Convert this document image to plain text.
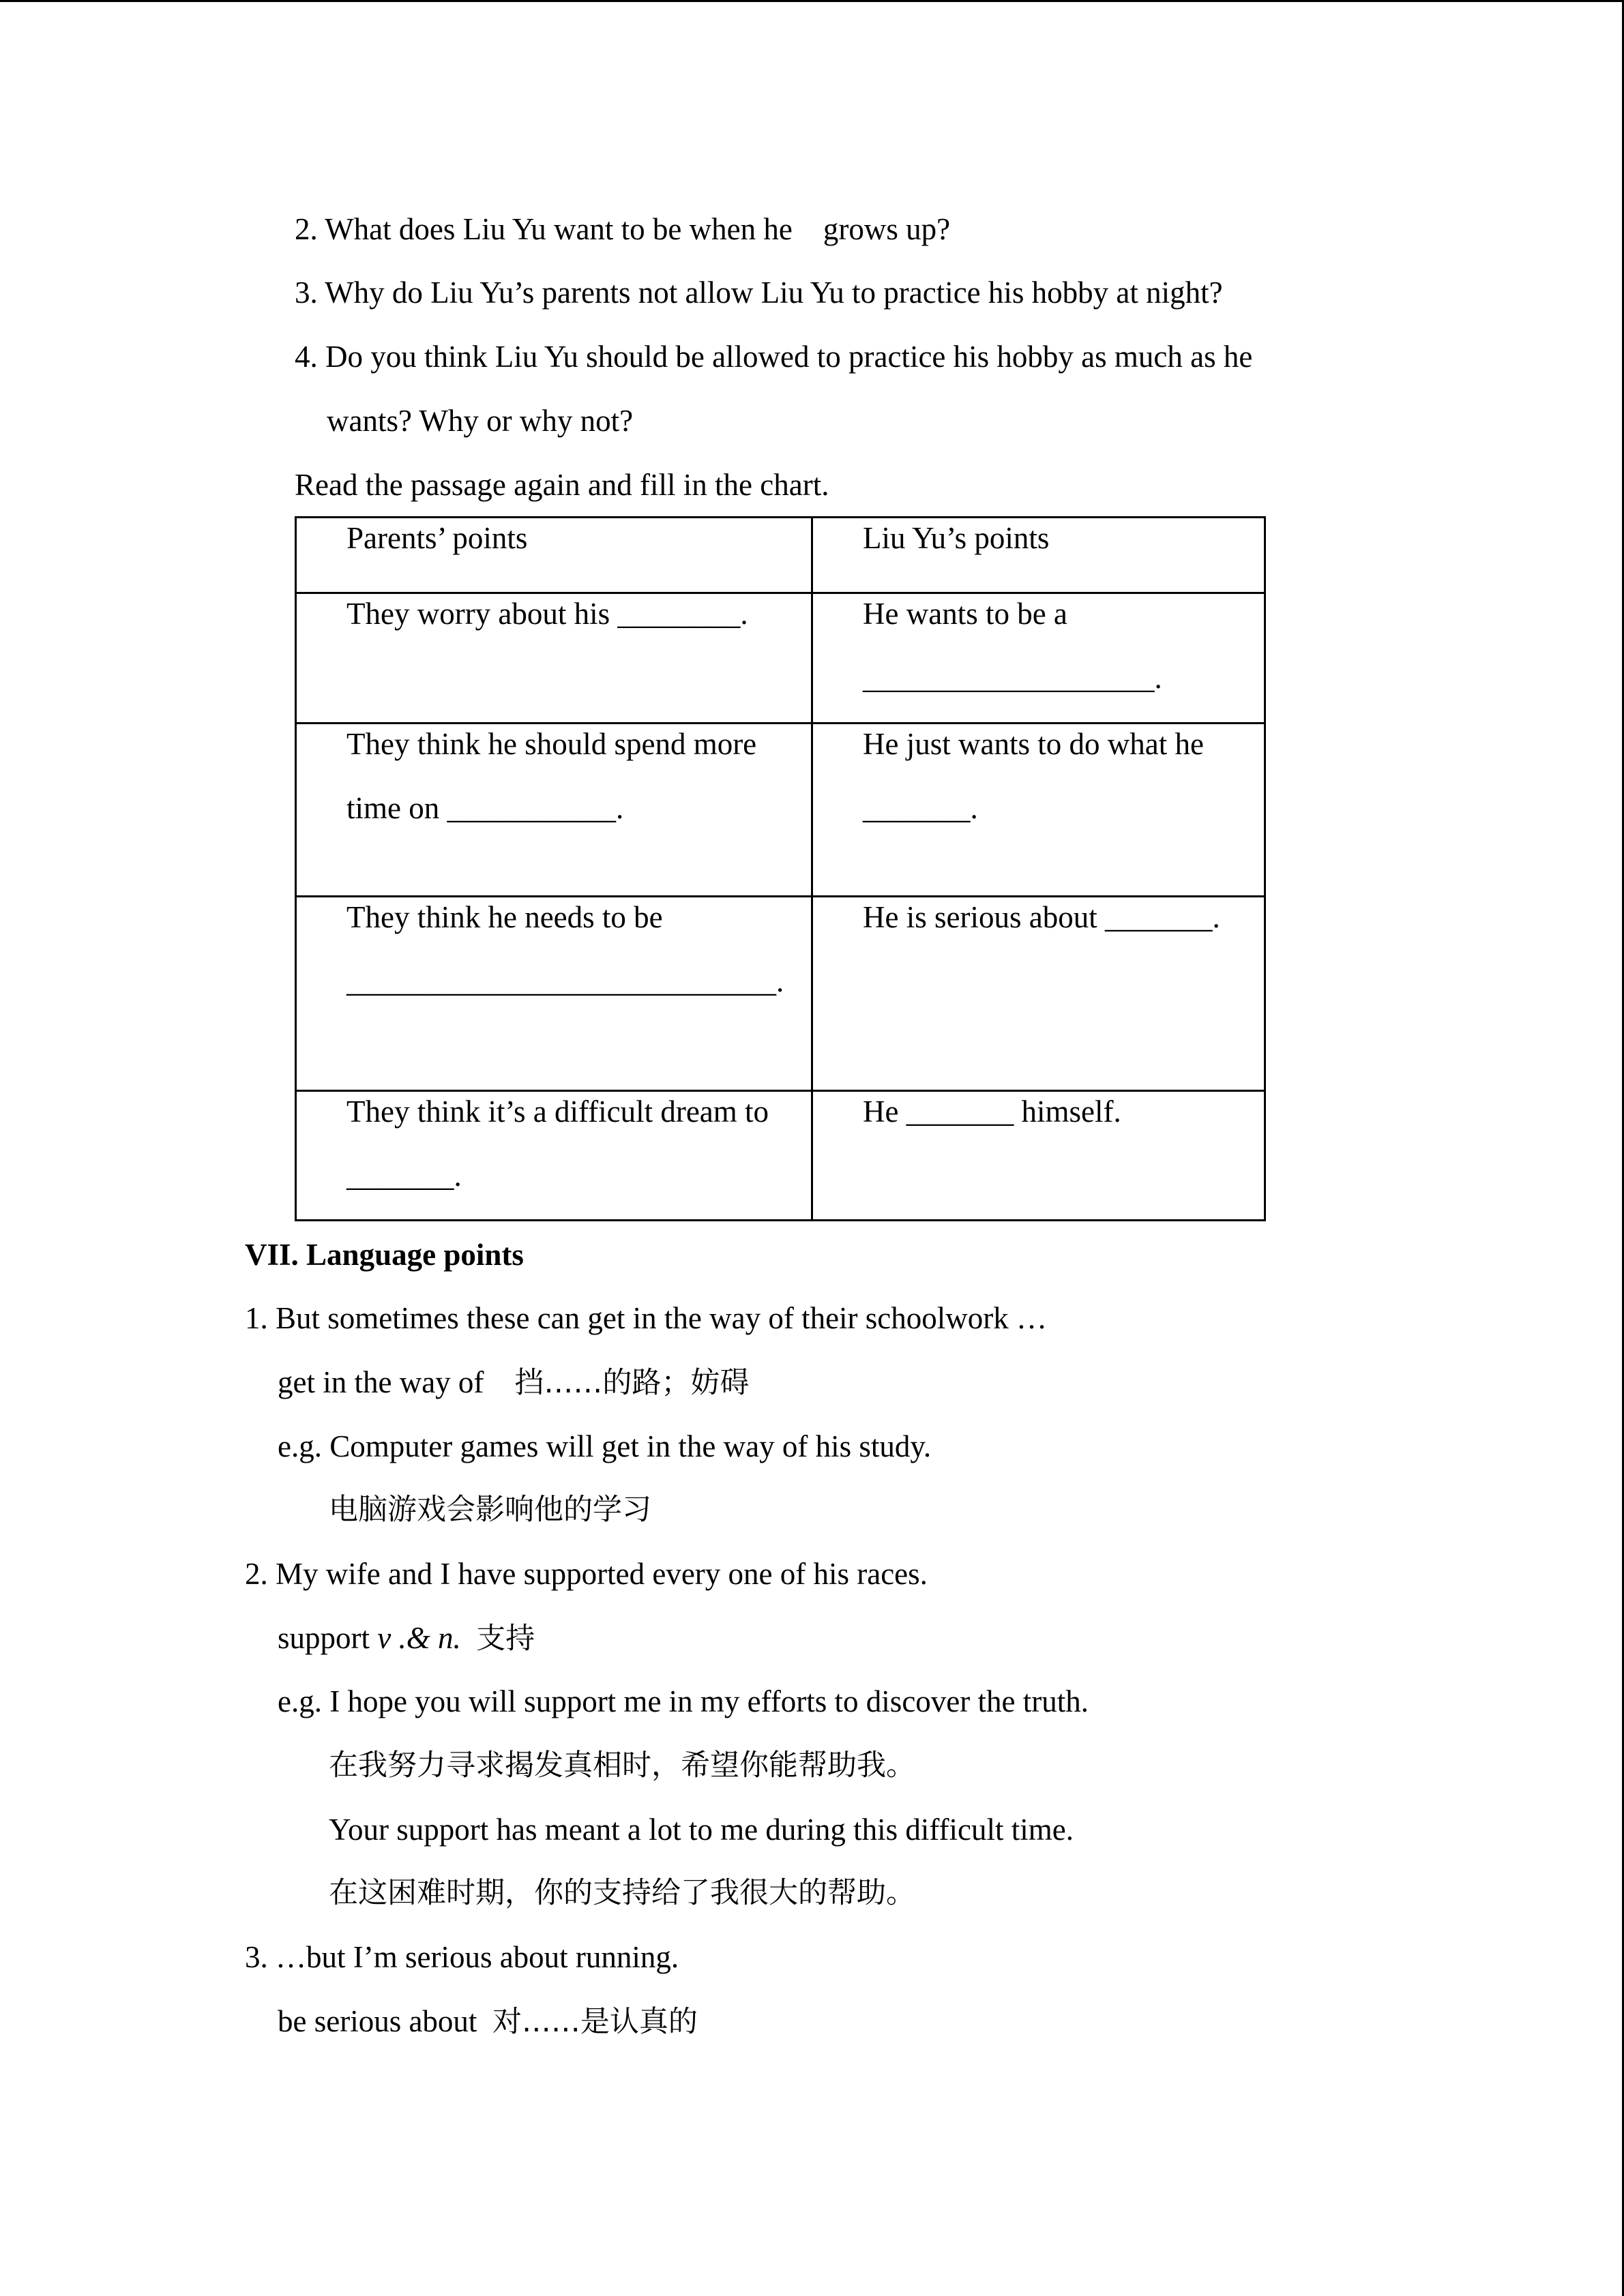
2. What does Liu Yu want to be when he    grows up?
3. Why do Liu Yu’s parents not allow Liu Yu to practice his hobby at night?
4. Do you think Liu Yu should be allowed to practice his hobby as much as he
wants? Why or why not?
Read the passage again and fill in the chart.
Parents’ points	Liu Yu’s points

They worry about his ________.	He wants to be a
___________________.

They think he should spend more
time on ___________.	He just wants to do what he
_______.

They think he needs to be
____________________________.	He is serious about _______.

They think it’s a difficult dream to
_______.	He _______ himself.
VII. Language points
1. But sometimes these can get in the way of their schoolwork …
get in the way of    挡……的路；妨碍
e.g. Computer games will get in the way of his study.
电脑游戏会影响他的学习
2. My wife and I have supported every one of his races.
support v .& n. 支持
e.g. I hope you will support me in my efforts to discover the truth.
在我努力寻求揭发真相时，希望你能帮助我。
Your support has meant a lot to me during this difficult time.
在这困难时期，你的支持给了我很大的帮助。
3. …but I’m serious about running.
be serious about  对……是认真的
